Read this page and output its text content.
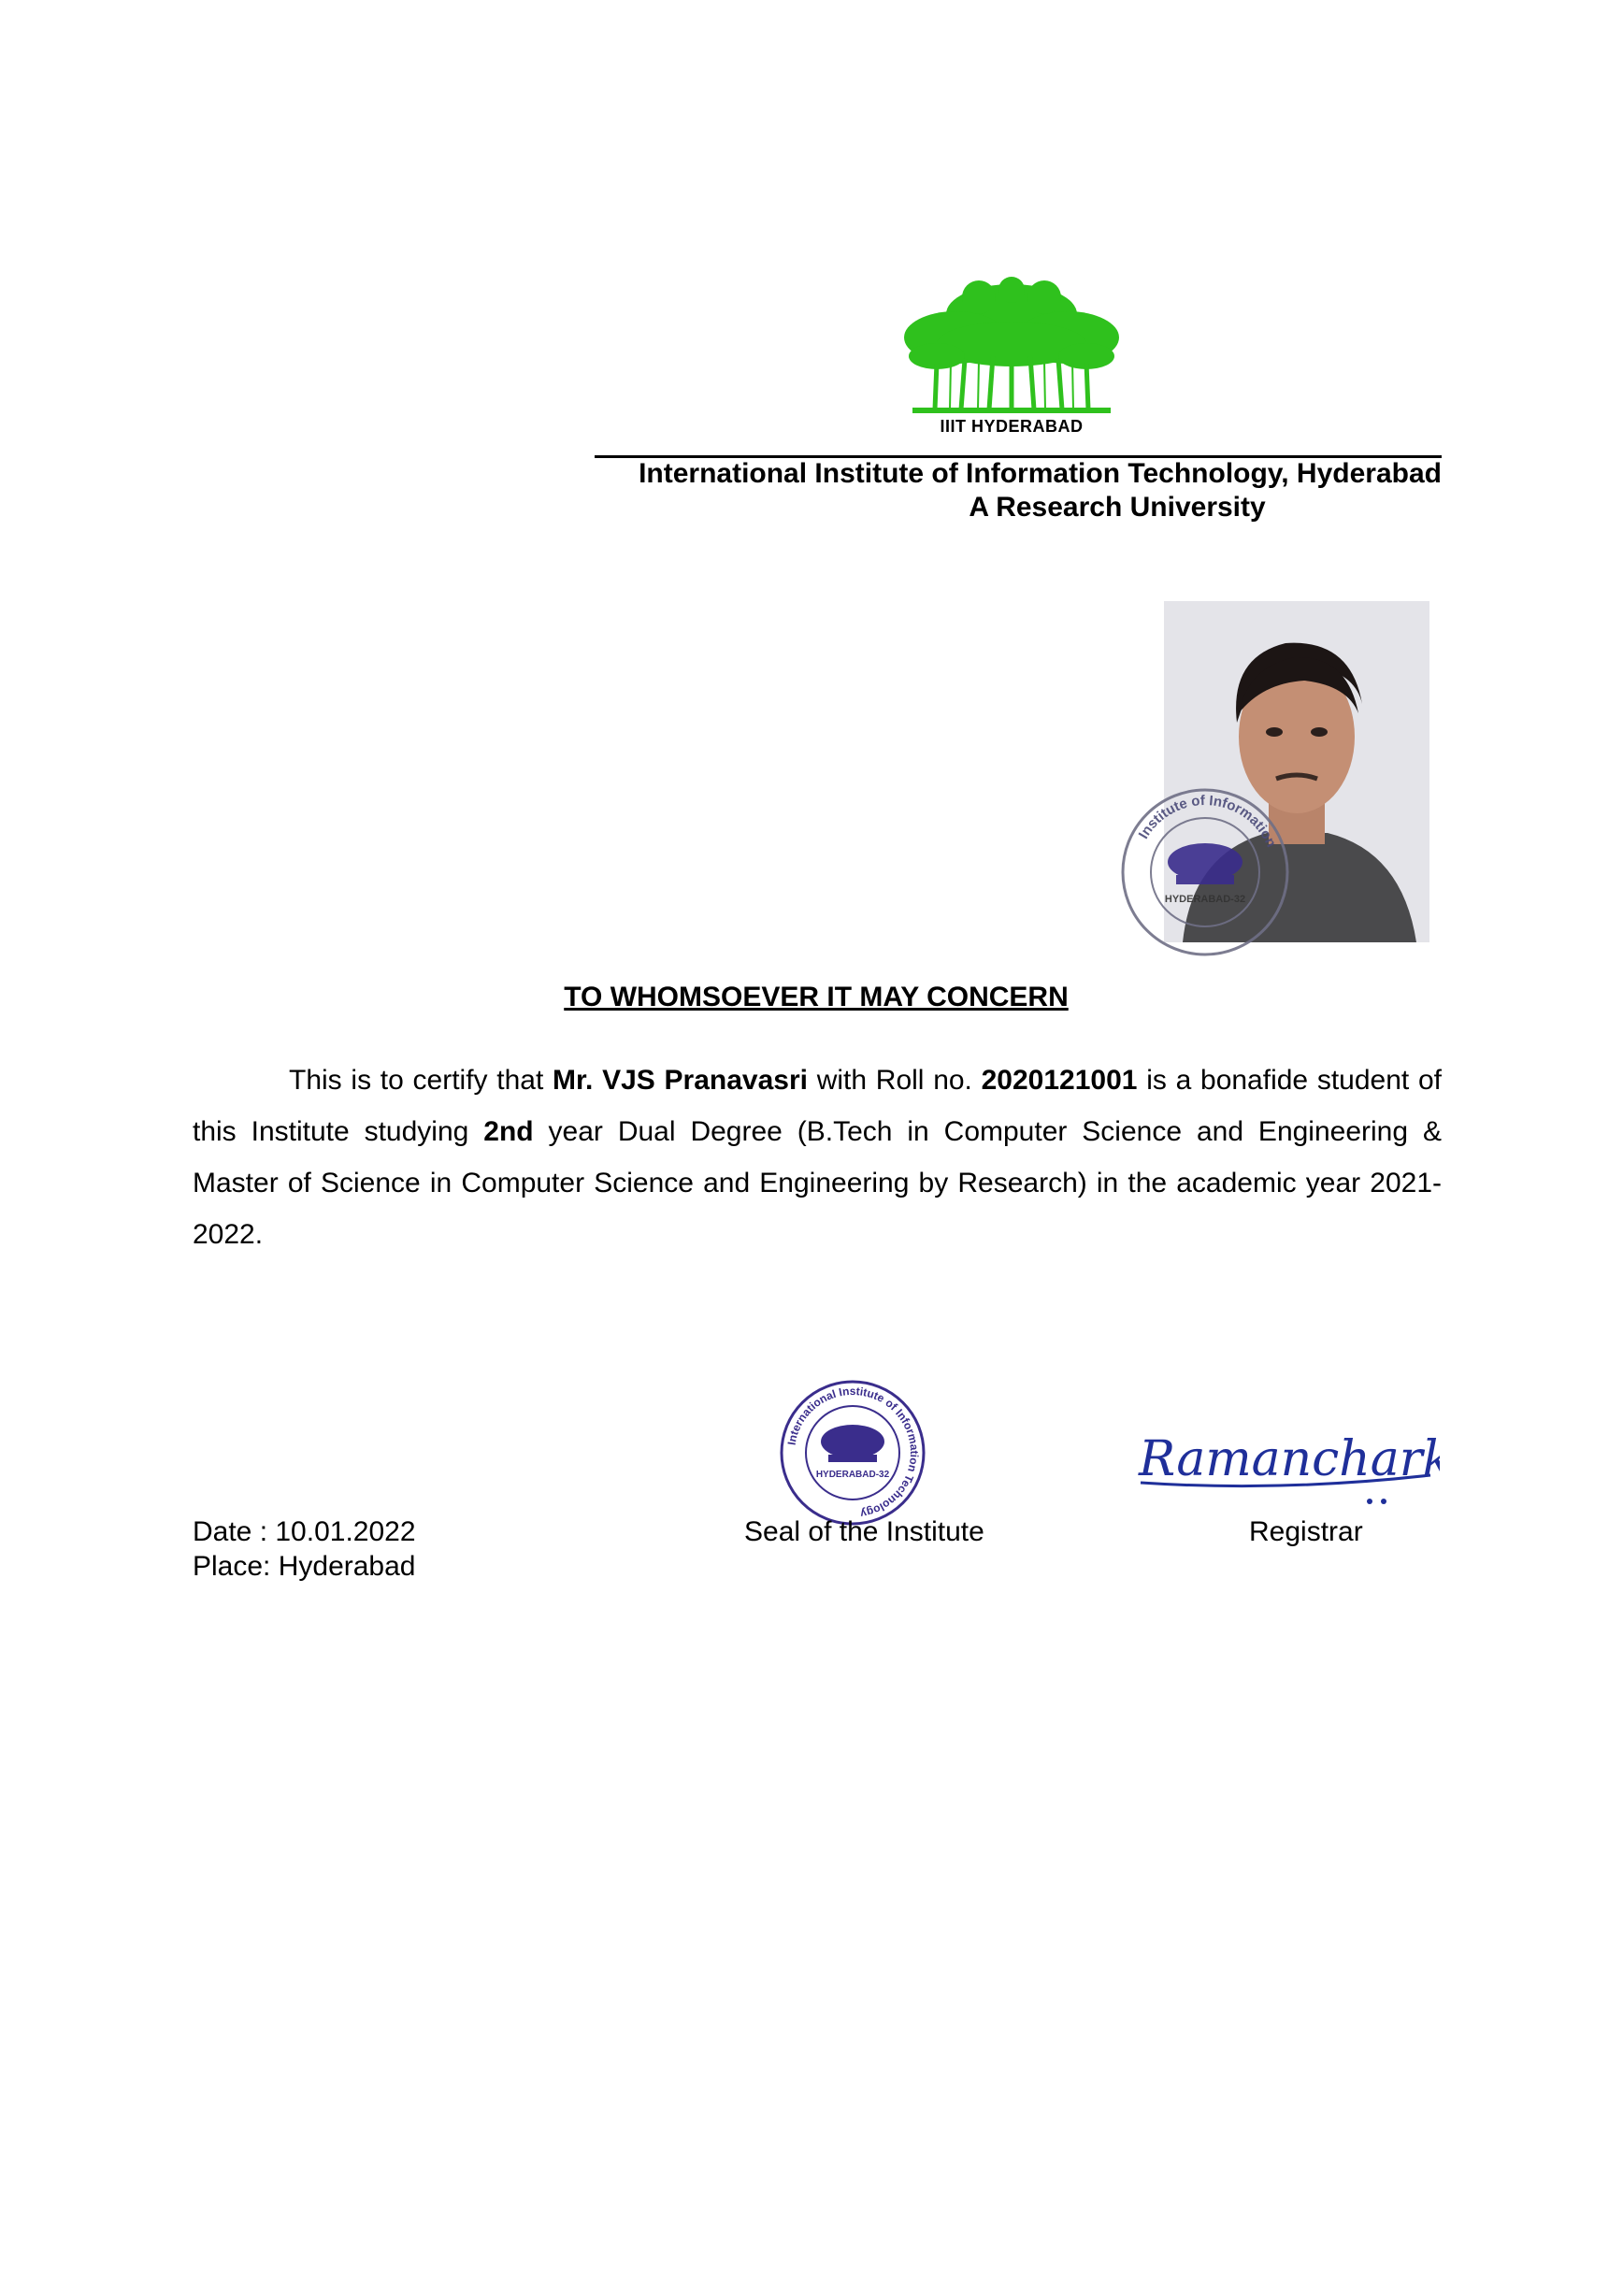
IIIT HYDERABAD
International Institute of Information Technology, Hyderabad
A Research University
Institute of Information
HYDERABAD-32
TO WHOMSOEVER IT MAY CONCERN

This is to certify that Mr. VJS Pranavasri with Roll no. 2020121001 is a bonafide student of this Institute studying 2nd year Dual Degree (B.Tech in Computer Science and Engineering & Master of Science in Computer Science and Engineering by Research) in the academic year 2021-2022.

International Institute of Information Technology
HYDERABAD-32	Ramanchark
Date : 10.01.2022
Place: Hyderabad
Seal of the Institute	Registrar
